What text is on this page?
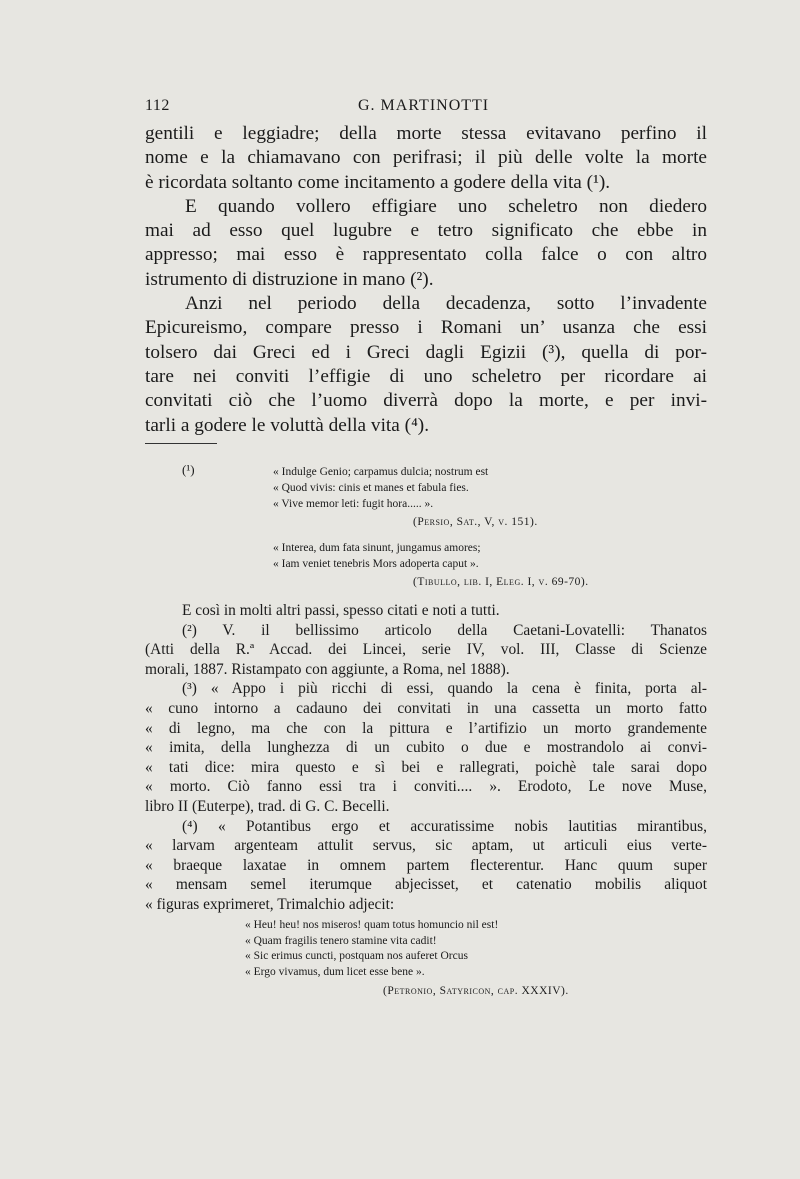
112	G. MARTINOTTI
gentili e leggiadre; della morte stessa evitavano perfino il
nome e la chiamavano con perifrasi; il più delle volte la morte
è ricordata soltanto come incitamento a godere della vita (¹).
E quando vollero effigiare uno scheletro non diedero
mai ad esso quel lugubre e tetro significato che ebbe in
appresso; mai esso è rappresentato colla falce o con altro
istrumento di distruzione in mano (²).
Anzi nel periodo della decadenza, sotto l’invadente
Epicureismo, compare presso i Romani un’ usanza che essi
tolsero dai Greci ed i Greci dagli Egizii (³), quella di por-
tare nei conviti l’effigie di uno scheletro per ricordare ai
convitati ciò che l’uomo diverrà dopo la morte, e per invi-
tarli a godere le voluttà della vita (⁴).
(¹)	« Indulge Genio; carpamus dulcia; nostrum est
« Quod vivis: cinis et manes et fabula fies.
« Vive memor leti: fugit hora..... ».
(Persio, Sat., V, v. 151).
« Interea, dum fata sinunt, jungamus amores;
« Iam veniet tenebris Mors adoperta caput ».
(Tibullo, lib. I, Eleg. I, v. 69-70).
E così in molti altri passi, spesso citati e noti a tutti.
(²) V. il bellissimo articolo della Caetani-Lovatelli: Thanatos
(Atti della R.ª Accad. dei Lincei, serie IV, vol. III, Classe di Scienze
morali, 1887. Ristampato con aggiunte, a Roma, nel 1888).
(³) « Appo i più ricchi di essi, quando la cena è finita, porta al-
« cuno intorno a cadauno dei convitati in una cassetta un morto fatto
« di legno, ma che con la pittura e l’artifizio un morto grandemente
« imita, della lunghezza di un cubito o due e mostrandolo ai convi-
« tati dice: mira questo e sì bei e rallegrati, poichè tale sarai dopo
« morto. Ciò fanno essi tra i conviti.... ». Erodoto, Le nove Muse,
libro II (Euterpe), trad. di G. C. Becelli.
(⁴) « Potantibus ergo et accuratissime nobis lautitias mirantibus,
« larvam argenteam attulit servus, sic aptam, ut articuli eius verte-
« braeque laxatae in omnem partem flecterentur. Hanc quum super
« mensam semel iterumque abjecisset, et catenatio mobilis aliquot
« figuras exprimeret, Trimalchio adjecit:
« Heu! heu! nos miseros! quam totus homuncio nil est!
« Quam fragilis tenero stamine vita cadit!
« Sic erimus cuncti, postquam nos auferet Orcus
« Ergo vivamus, dum licet esse bene ».
(Petronio, Satyricon, cap. XXXIV).
